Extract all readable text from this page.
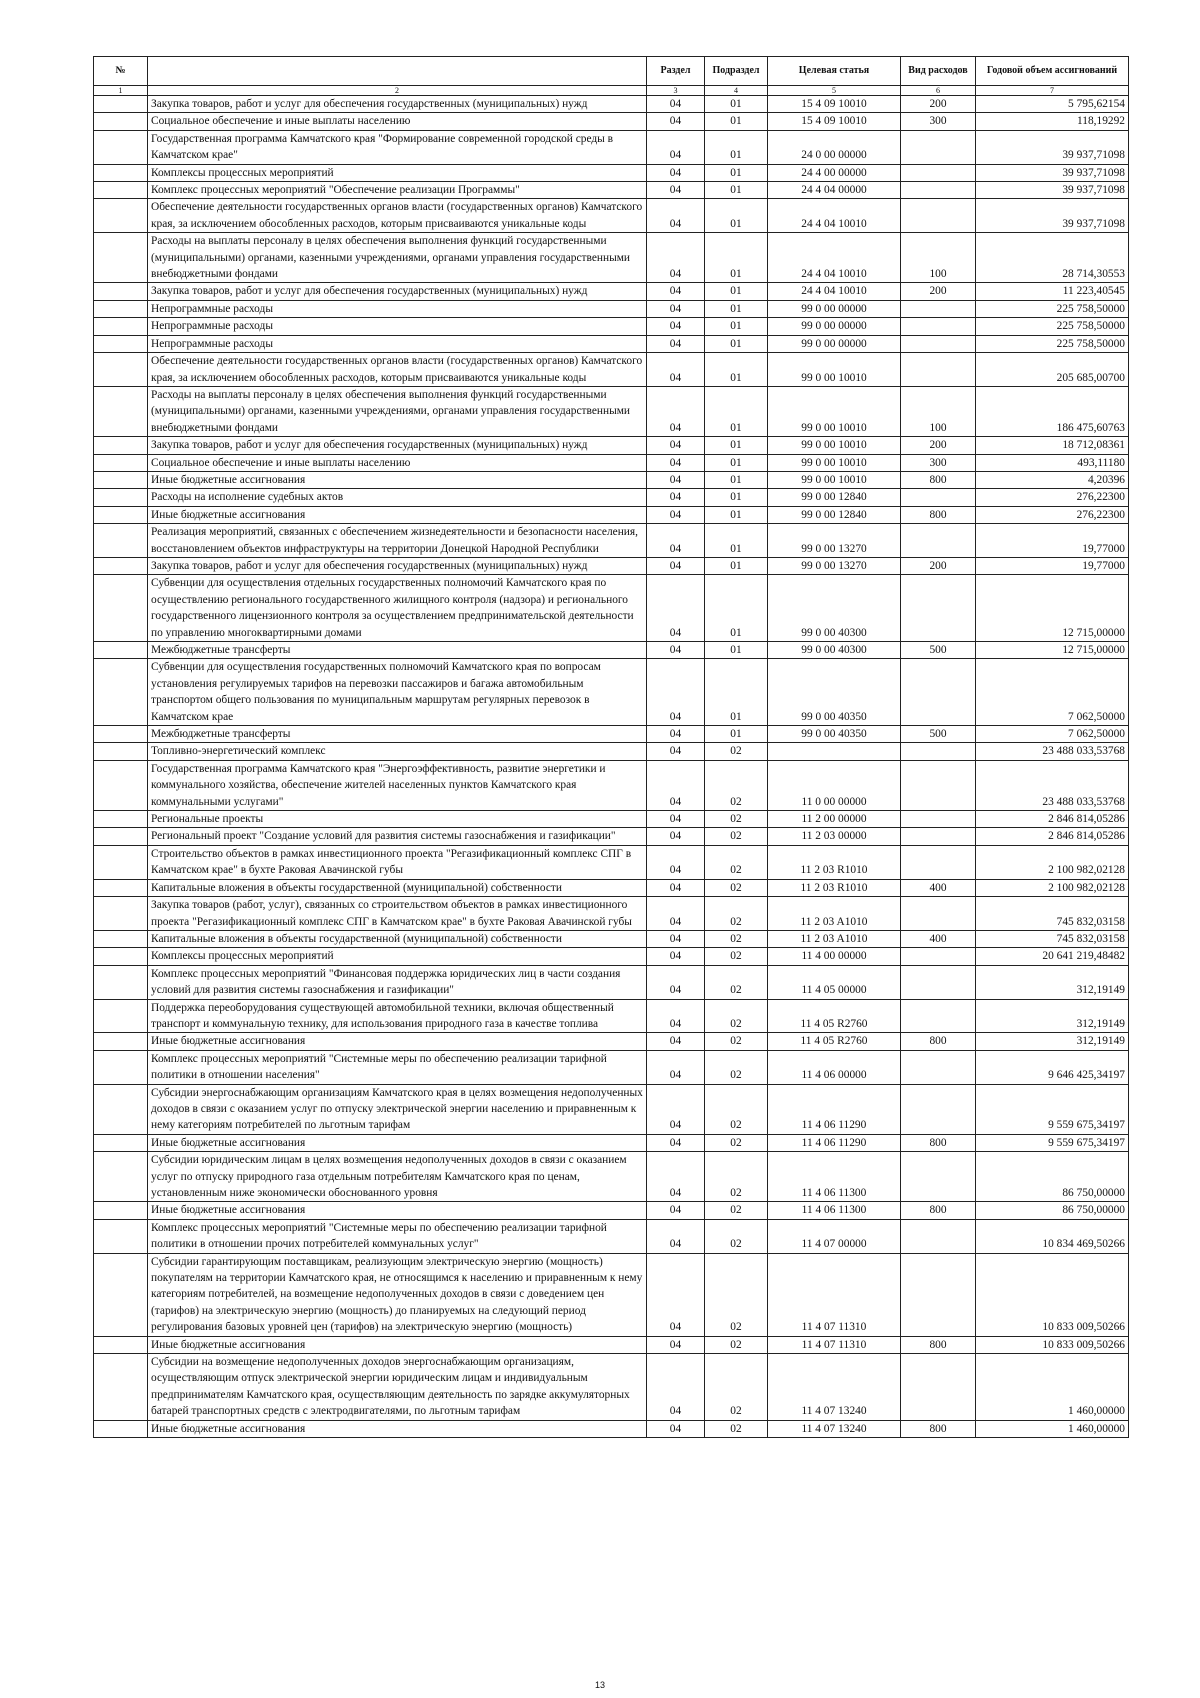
№		Раздел	Подраздел	Целевая статья	Вид расходов	Годовой объем ассигнований
1	2	3	4	5	6	7
	Закупка товаров, работ и услуг для обеспечения государственных (муниципальных) нужд	04	01	15 4 09 10010	200	5 795,62154
	Социальное обеспечение и иные выплаты населению	04	01	15 4 09 10010	300	118,19292
	Государственная программа Камчатского края "Формирование современной городской среды в Камчатском крае"	04	01	24 0 00 00000		39 937,71098
	Комплексы процессных мероприятий	04	01	24 4 00 00000		39 937,71098
	Комплекс процессных мероприятий "Обеспечение реализации Программы"	04	01	24 4 04 00000		39 937,71098
	Обеспечение деятельности государственных органов власти (государственных органов) Камчатского края, за исключением обособленных расходов, которым присваиваются уникальные коды	04	01	24 4 04 10010		39 937,71098
	Расходы на выплаты персоналу в целях обеспечения выполнения функций государственными (муниципальными) органами, казенными учреждениями, органами управления государственными внебюджетными фондами	04	01	24 4 04 10010	100	28 714,30553
	Закупка товаров, работ и услуг для обеспечения государственных (муниципальных) нужд	04	01	24 4 04 10010	200	11 223,40545
	Непрограммные расходы	04	01	99 0 00 00000		225 758,50000
	Непрограммные расходы	04	01	99 0 00 00000		225 758,50000
	Непрограммные расходы	04	01	99 0 00 00000		225 758,50000
	Обеспечение деятельности государственных органов власти (государственных органов) Камчатского края, за исключением обособленных расходов, которым присваиваются уникальные коды	04	01	99 0 00 10010		205 685,00700
	Расходы на выплаты персоналу в целях обеспечения выполнения функций государственными (муниципальными) органами, казенными учреждениями, органами управления государственными внебюджетными фондами	04	01	99 0 00 10010	100	186 475,60763
	Закупка товаров, работ и услуг для обеспечения государственных (муниципальных) нужд	04	01	99 0 00 10010	200	18 712,08361
	Социальное обеспечение и иные выплаты населению	04	01	99 0 00 10010	300	493,11180
	Иные бюджетные ассигнования	04	01	99 0 00 10010	800	4,20396
	Расходы на исполнение судебных актов	04	01	99 0 00 12840		276,22300
	Иные бюджетные ассигнования	04	01	99 0 00 12840	800	276,22300
	Реализация мероприятий, связанных с обеспечением жизнедеятельности и безопасности населения, восстановлением объектов инфраструктуры на территории Донецкой Народной Республики	04	01	99 0 00 13270		19,77000
	Закупка товаров, работ и услуг для обеспечения государственных (муниципальных) нужд	04	01	99 0 00 13270	200	19,77000
	Субвенции для осуществления отдельных государственных полномочий Камчатского края по осуществлению регионального государственного жилищного контроля (надзора) и регионального государственного лицензионного контроля за осуществлением предпринимательской деятельности по управлению многоквартирными домами	04	01	99 0 00 40300		12 715,00000
	Межбюджетные трансферты	04	01	99 0 00 40300	500	12 715,00000
	Субвенции для осуществления государственных полномочий Камчатского края по вопросам установления регулируемых тарифов на перевозки пассажиров и багажа автомобильным транспортом общего пользования по муниципальным маршрутам регулярных перевозок в Камчатском крае	04	01	99 0 00 40350		7 062,50000
	Межбюджетные трансферты	04	01	99 0 00 40350	500	7 062,50000
	Топливно-энергетический комплекс	04	02			23 488 033,53768
	Государственная программа Камчатского края "Энергоэффективность, развитие энергетики и коммунального хозяйства, обеспечение жителей населенных пунктов Камчатского края коммунальными услугами"	04	02	11 0 00 00000		23 488 033,53768
	Региональные проекты	04	02	11 2 00 00000		2 846 814,05286
	Региональный проект "Создание условий для развития системы газоснабжения и газификации"	04	02	11 2 03 00000		2 846 814,05286
	Строительство объектов в рамках инвестиционного проекта "Регазификационный комплекс СПГ в Камчатском крае" в бухте Раковая Авачинской губы	04	02	11 2 03 R1010		2 100 982,02128
	Капитальные вложения в объекты государственной (муниципальной) собственности	04	02	11 2 03 R1010	400	2 100 982,02128
	Закупка товаров (работ, услуг), связанных со строительством объектов в рамках инвестиционного проекта "Регазификационный комплекс СПГ в Камчатском крае" в бухте Раковая Авачинской губы	04	02	11 2 03 A1010		745 832,03158
	Капитальные вложения в объекты государственной (муниципальной) собственности	04	02	11 2 03 A1010	400	745 832,03158
	Комплексы процессных мероприятий	04	02	11 4 00 00000		20 641 219,48482
	Комплекс процессных мероприятий "Финансовая поддержка юридических лиц в части создания условий для развития системы газоснабжения и газификации"	04	02	11 4 05 00000		312,19149
	Поддержка переоборудования существующей автомобильной техники, включая общественный транспорт и коммунальную технику, для использования природного газа в качестве топлива	04	02	11 4 05 R2760		312,19149
	Иные бюджетные ассигнования	04	02	11 4 05 R2760	800	312,19149
	Комплекс процессных мероприятий "Системные меры по обеспечению реализации тарифной политики в отношении населения"	04	02	11 4 06 00000		9 646 425,34197
	Субсидии энергоснабжающим организациям Камчатского края в целях возмещения недополученных доходов в связи с оказанием услуг по отпуску электрической энергии населению и приравненным к нему категориям потребителей по льготным тарифам	04	02	11 4 06 11290		9 559 675,34197
	Иные бюджетные ассигнования	04	02	11 4 06 11290	800	9 559 675,34197
	Субсидии юридическим лицам в целях возмещения недополученных доходов в связи с оказанием услуг по отпуску природного газа отдельным потребителям Камчатского края по ценам, установленным ниже экономически обоснованного уровня	04	02	11 4 06 11300		86 750,00000
	Иные бюджетные ассигнования	04	02	11 4 06 11300	800	86 750,00000
	Комплекс процессных мероприятий "Системные меры по обеспечению реализации тарифной политики в отношении прочих потребителей коммунальных услуг"	04	02	11 4 07 00000		10 834 469,50266
	Субсидии гарантирующим поставщикам, реализующим электрическую энергию (мощность) покупателям на территории Камчатского края, не относящимся к населению и приравненным к нему категориям потребителей, на возмещение недополученных доходов в связи с доведением цен (тарифов) на электрическую энергию (мощность) до планируемых на следующий период регулирования базовых уровней цен (тарифов) на электрическую энергию (мощность)	04	02	11 4 07 11310		10 833 009,50266
	Иные бюджетные ассигнования	04	02	11 4 07 11310	800	10 833 009,50266
	Субсидии на возмещение недополученных доходов энергоснабжающим организациям, осуществляющим отпуск электрической энергии юридическим лицам и индивидуальным предпринимателям Камчатского края, осуществляющим деятельность по зарядке аккумуляторных батарей транспортных средств с электродвигателями, по льготным тарифам	04	02	11 4 07 13240		1 460,00000
	Иные бюджетные ассигнования	04	02	11 4 07 13240	800	1 460,00000
13
